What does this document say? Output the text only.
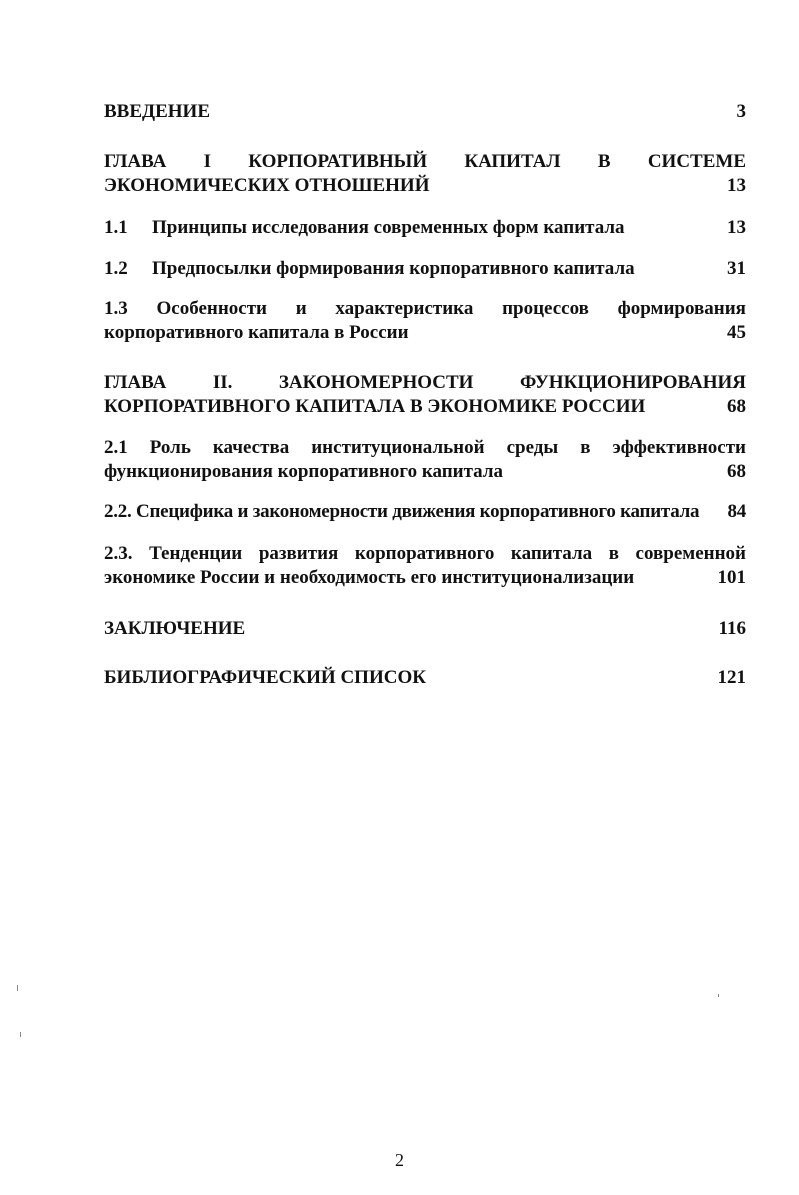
ВВЕДЕНИЕ	3
ГЛАВА I КОРПОРАТИВНЫЙ КАПИТАЛ В СИСТЕМЕ
ЭКОНОМИЧЕСКИХ ОТНОШЕНИЙ	13
1.1 Принципы исследования современных форм капитала	13
1.2 Предпосылки формирования корпоративного капитала	31
1.3 Особенности и характеристика процессов формирования
корпоративного капитала в России	45
ГЛАВА II. ЗАКОНОМЕРНОСТИ ФУНКЦИОНИРОВАНИЯ
КОРПОРАТИВНОГО КАПИТАЛА В ЭКОНОМИКЕ РОССИИ	68
2.1 Роль качества институциональной среды в эффективности
функционирования корпоративного капитала	68
2.2. Специфика и закономерности движения корпоративного капитала	84
2.3. Тенденции развития корпоративного капитала в современной
экономике России и необходимость его институционализации	101
ЗАКЛЮЧЕНИЕ	116
БИБЛИОГРАФИЧЕСКИЙ СПИСОК	121
2
